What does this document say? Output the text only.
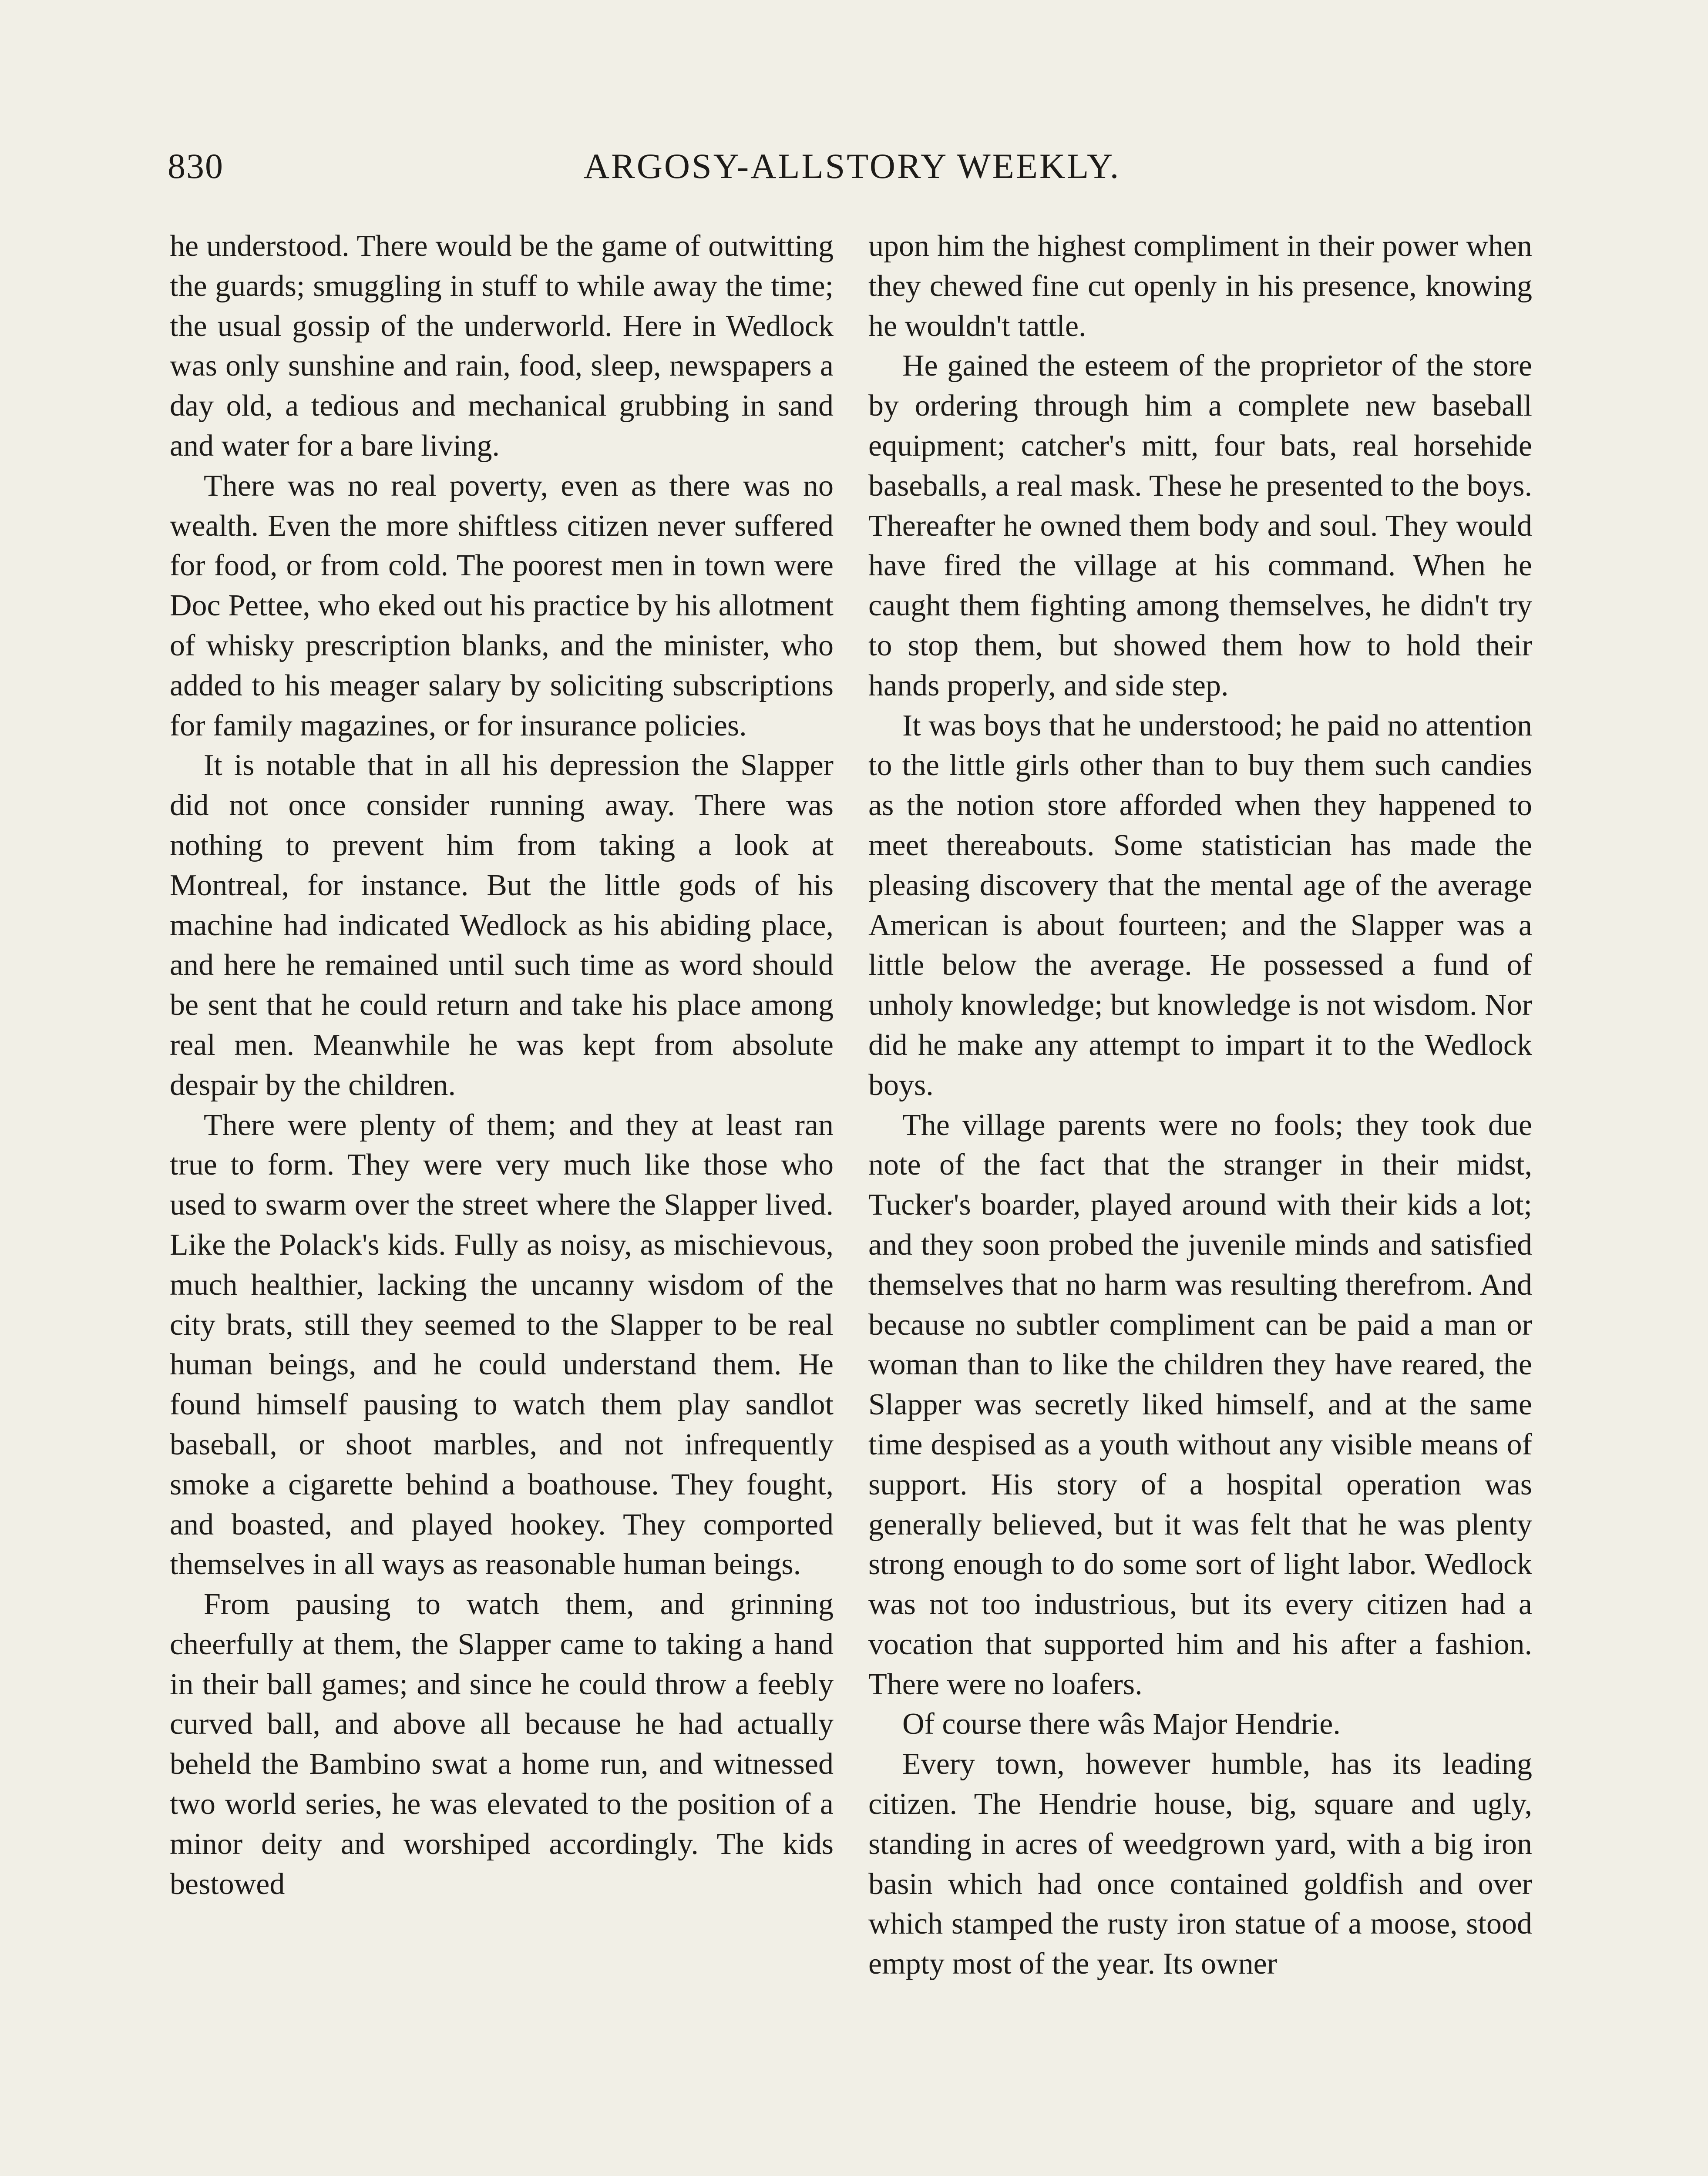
830	ARGOSY-ALLSTORY WEEKLY.

he understood. There would be the game of outwitting the guards; smuggling in stuff to while away the time; the usual gossip of the underworld. Here in Wedlock was only sunshine and rain, food, sleep, newspapers a day old, a tedious and mechanical grubbing in sand and water for a bare living.

There was no real poverty, even as there was no wealth. Even the more shiftless citizen never suffered for food, or from cold. The poorest men in town were Doc Pettee, who eked out his practice by his allotment of whisky prescription blanks, and the minister, who added to his meager salary by soliciting subscriptions for family magazines, or for insurance policies.

It is notable that in all his depression the Slapper did not once consider running away. There was nothing to prevent him from taking a look at Montreal, for instance. But the little gods of his machine had indicated Wedlock as his abiding place, and here he remained until such time as word should be sent that he could return and take his place among real men. Meanwhile he was kept from absolute despair by the children.

There were plenty of them; and they at least ran true to form. They were very much like those who used to swarm over the street where the Slapper lived. Like the Polack's kids. Fully as noisy, as mischievous, much healthier, lacking the uncanny wisdom of the city brats, still they seemed to the Slapper to be real human beings, and he could understand them. He found himself pausing to watch them play sandlot baseball, or shoot marbles, and not infrequently smoke a cigarette behind a boathouse. They fought, and boasted, and played hookey. They comported themselves in all ways as reasonable human beings.

From pausing to watch them, and grinning cheerfully at them, the Slapper came to taking a hand in their ball games; and since he could throw a feebly curved ball, and above all because he had actually beheld the Bambino swat a home run, and witnessed two world series, he was elevated to the position of a minor deity and worshiped accordingly. The kids bestowed

upon him the highest compliment in their power when they chewed fine cut openly in his presence, knowing he wouldn't tattle.

He gained the esteem of the proprietor of the store by ordering through him a complete new baseball equipment; catcher's mitt, four bats, real horsehide baseballs, a real mask. These he presented to the boys. Thereafter he owned them body and soul. They would have fired the village at his command. When he caught them fighting among themselves, he didn't try to stop them, but showed them how to hold their hands properly, and side step.

It was boys that he understood; he paid no attention to the little girls other than to buy them such candies as the notion store afforded when they happened to meet thereabouts. Some statistician has made the pleasing discovery that the mental age of the average American is about fourteen; and the Slapper was a little below the average. He possessed a fund of unholy knowledge; but knowledge is not wisdom. Nor did he make any attempt to impart it to the Wedlock boys.

The village parents were no fools; they took due note of the fact that the stranger in their midst, Tucker's boarder, played around with their kids a lot; and they soon probed the juvenile minds and satisfied themselves that no harm was resulting therefrom. And because no subtler compliment can be paid a man or woman than to like the children they have reared, the Slapper was secretly liked himself, and at the same time despised as a youth without any visible means of support. His story of a hospital operation was generally believed, but it was felt that he was plenty strong enough to do some sort of light labor. Wedlock was not too industrious, but its every citizen had a vocation that supported him and his after a fashion. There were no loafers.

Of course there wâs Major Hendrie.

Every town, however humble, has its leading citizen. The Hendrie house, big, square and ugly, standing in acres of weedgrown yard, with a big iron basin which had once contained goldfish and over which stamped the rusty iron statue of a moose, stood empty most of the year. Its owner
